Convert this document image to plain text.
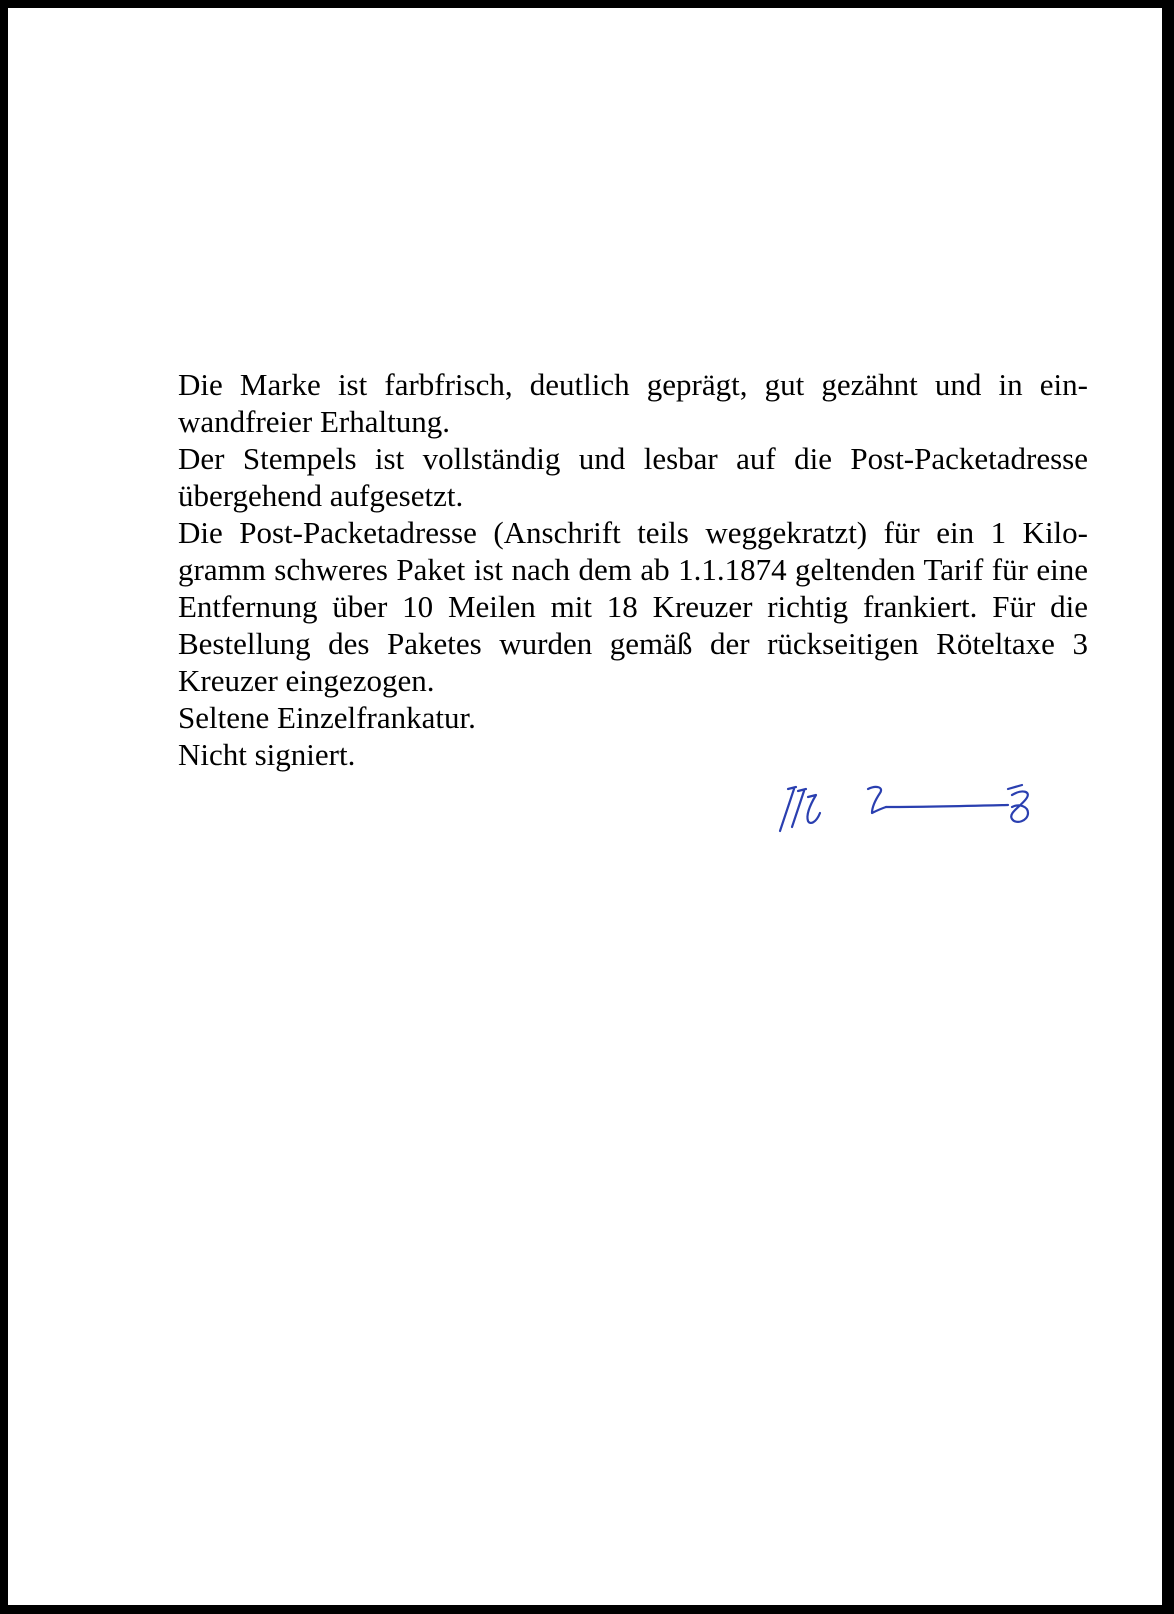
Die Marke ist farbfrisch, deutlich geprägt, gut gezähnt und in ein-wandfreier Erhaltung.

Der Stempels ist vollständig und lesbar auf die Post-Packetadresse übergehend aufgesetzt.

Die Post-Packetadresse (Anschrift teils weggekratzt) für ein 1 Kilo-gramm schweres Paket ist nach dem ab 1.1.1874 geltenden Tarif für eine Entfernung über 10 Meilen mit 18 Kreuzer richtig frankiert. Für die Bestellung des Paketes wurden gemäß der rückseitigen Röteltaxe 3 Kreuzer eingezogen.

Seltene Einzelfrankatur.

Nicht signiert.
